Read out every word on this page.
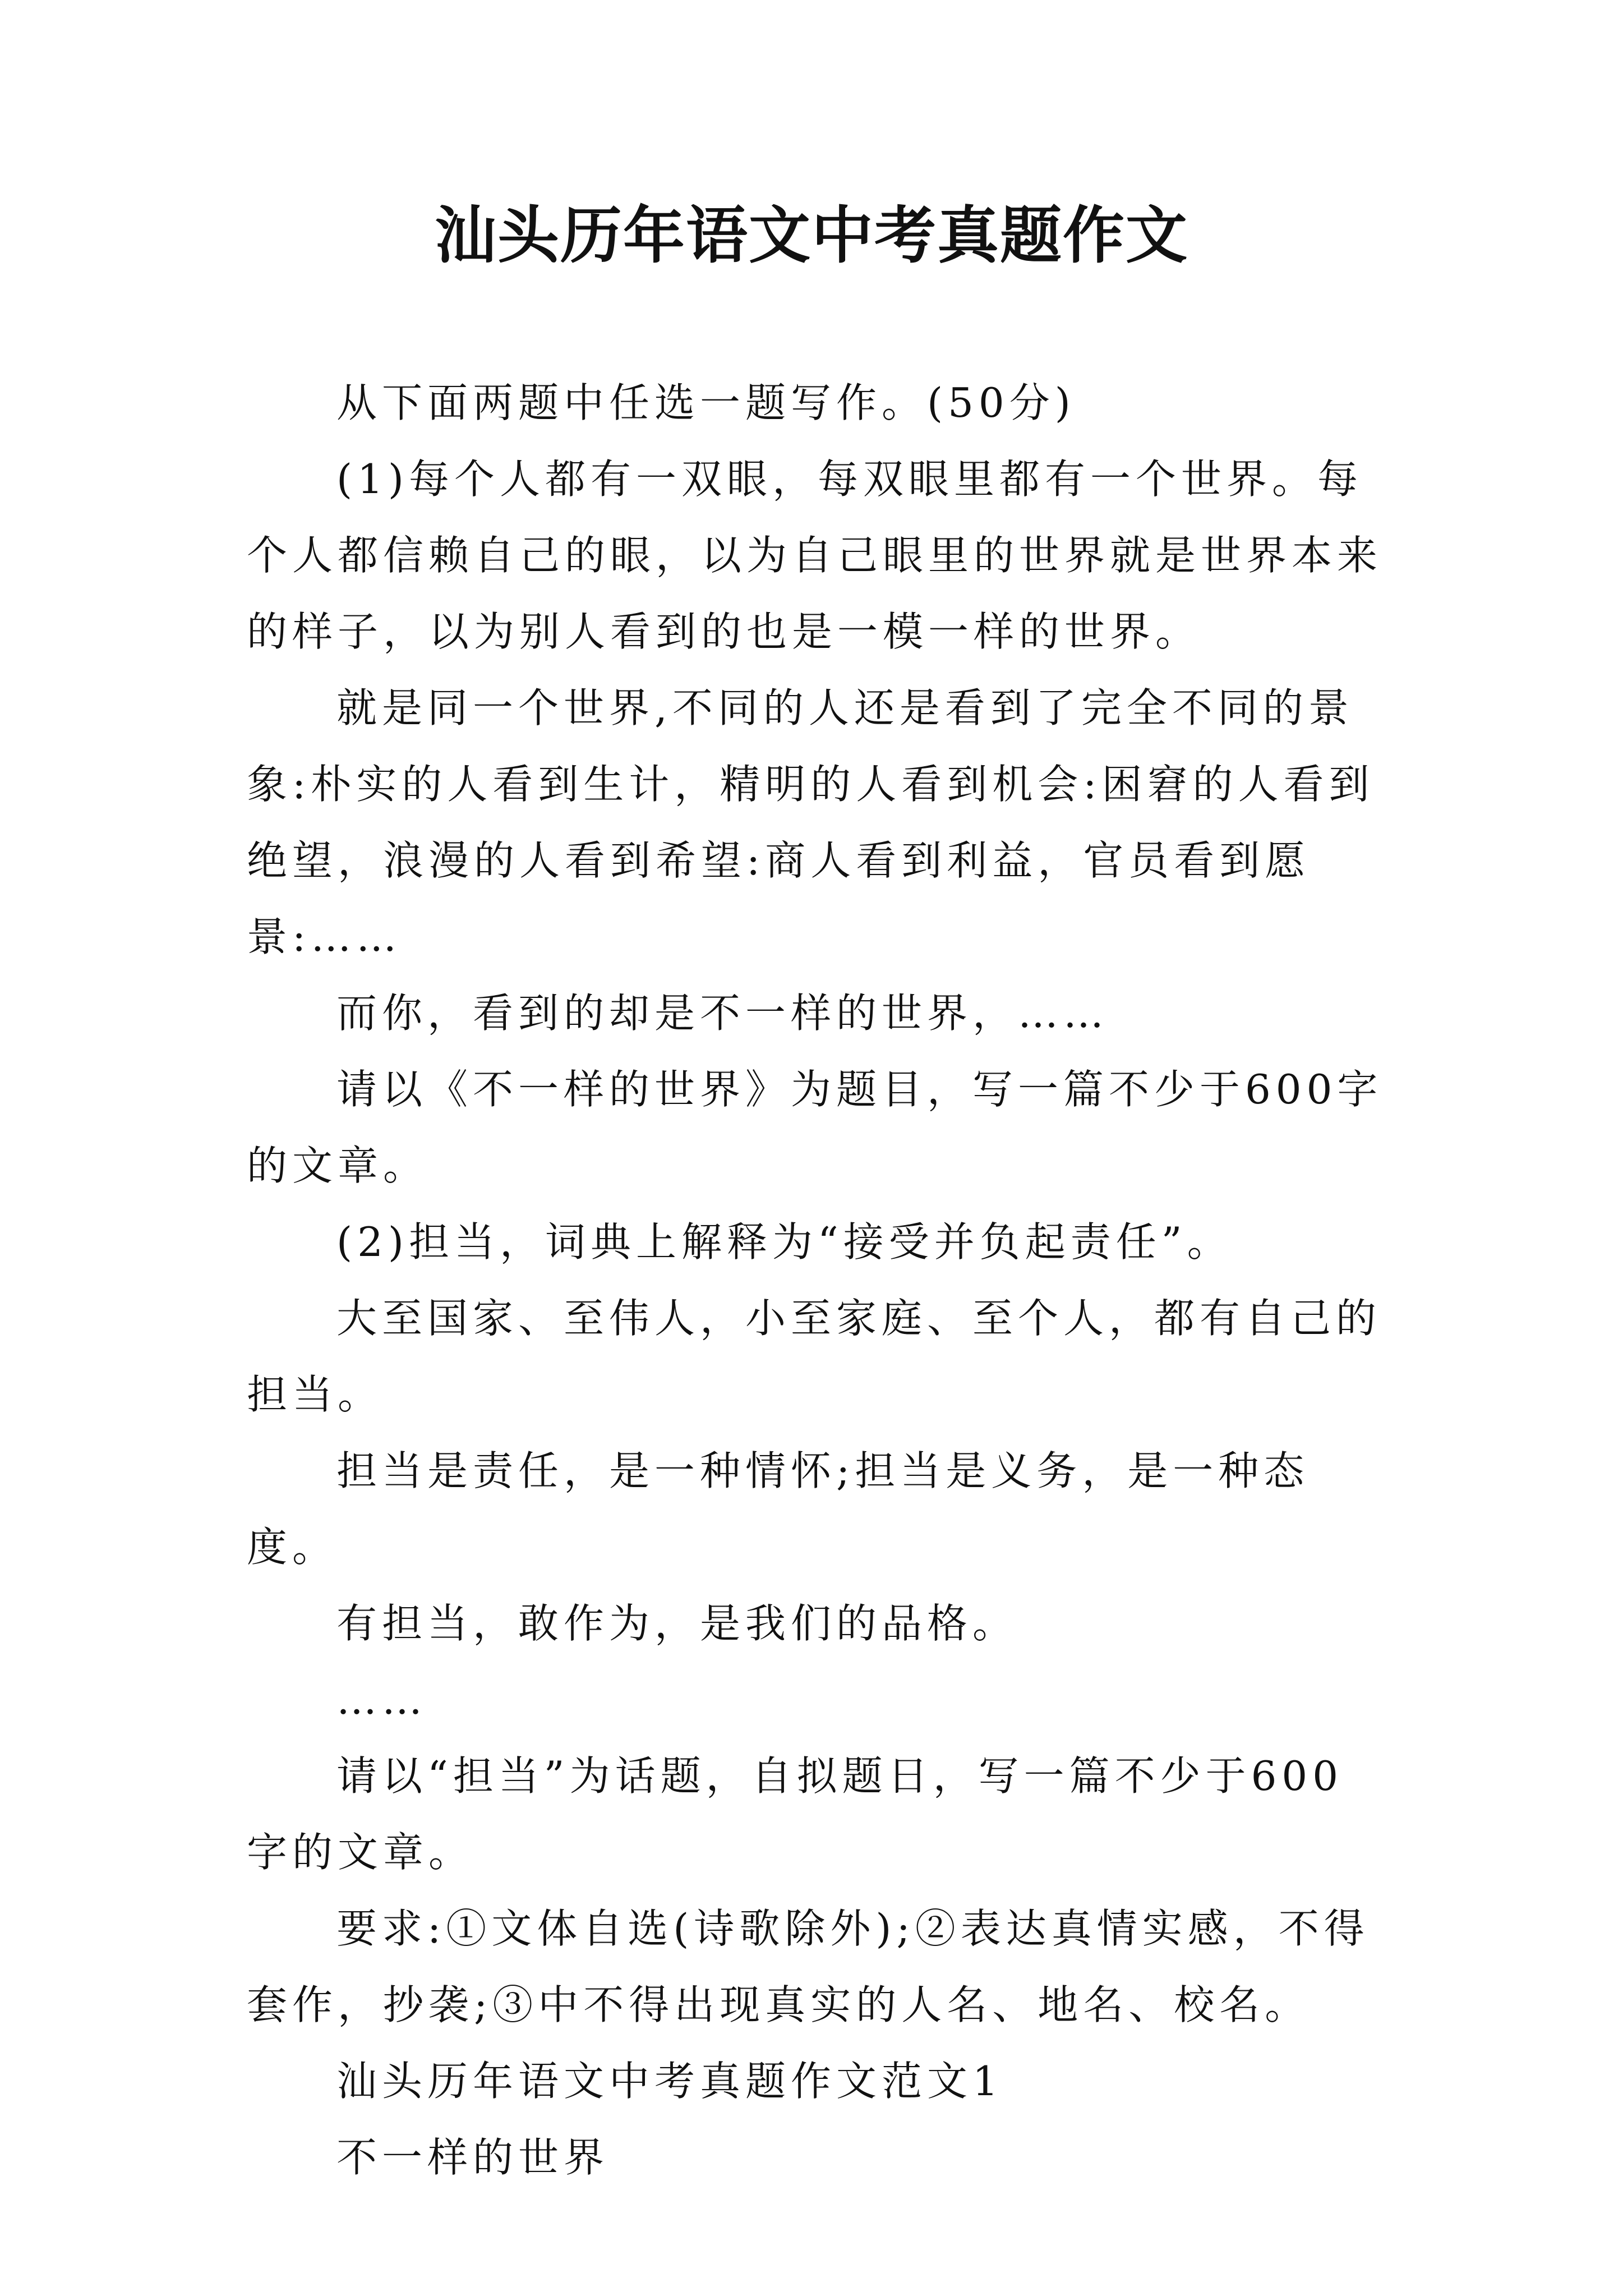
汕头历年语文中考真题作文

从下面两题中任选一题写作。(50分)

(1)每个人都有一双眼，每双眼里都有一个世界。每个人都信赖自己的眼，以为自己眼里的世界就是世界本来的样子，以为别人看到的也是一模一样的世界。

就是同一个世界,不同的人还是看到了完全不同的景象:朴实的人看到生计，精明的人看到机会:困窘的人看到绝望，浪漫的人看到希望:商人看到利益，官员看到愿景:……

而你，看到的却是不一样的世界，……

请以《不一样的世界》为题目，写一篇不少于600字的文章。

(2)担当，词典上解释为“接受并负起责任”。

大至国家、至伟人，小至家庭、至个人，都有自己的担当。

担当是责任，是一种情怀;担当是义务，是一种态度。

有担当，敢作为，是我们的品格。

……

请以“担当”为话题，自拟题日，写一篇不少于600字的文章。

要求:①文体自选(诗歌除外);②表达真情实感，不得套作，抄袭;③中不得出现真实的人名、地名、校名。

汕头历年语文中考真题作文范文1

不一样的世界
